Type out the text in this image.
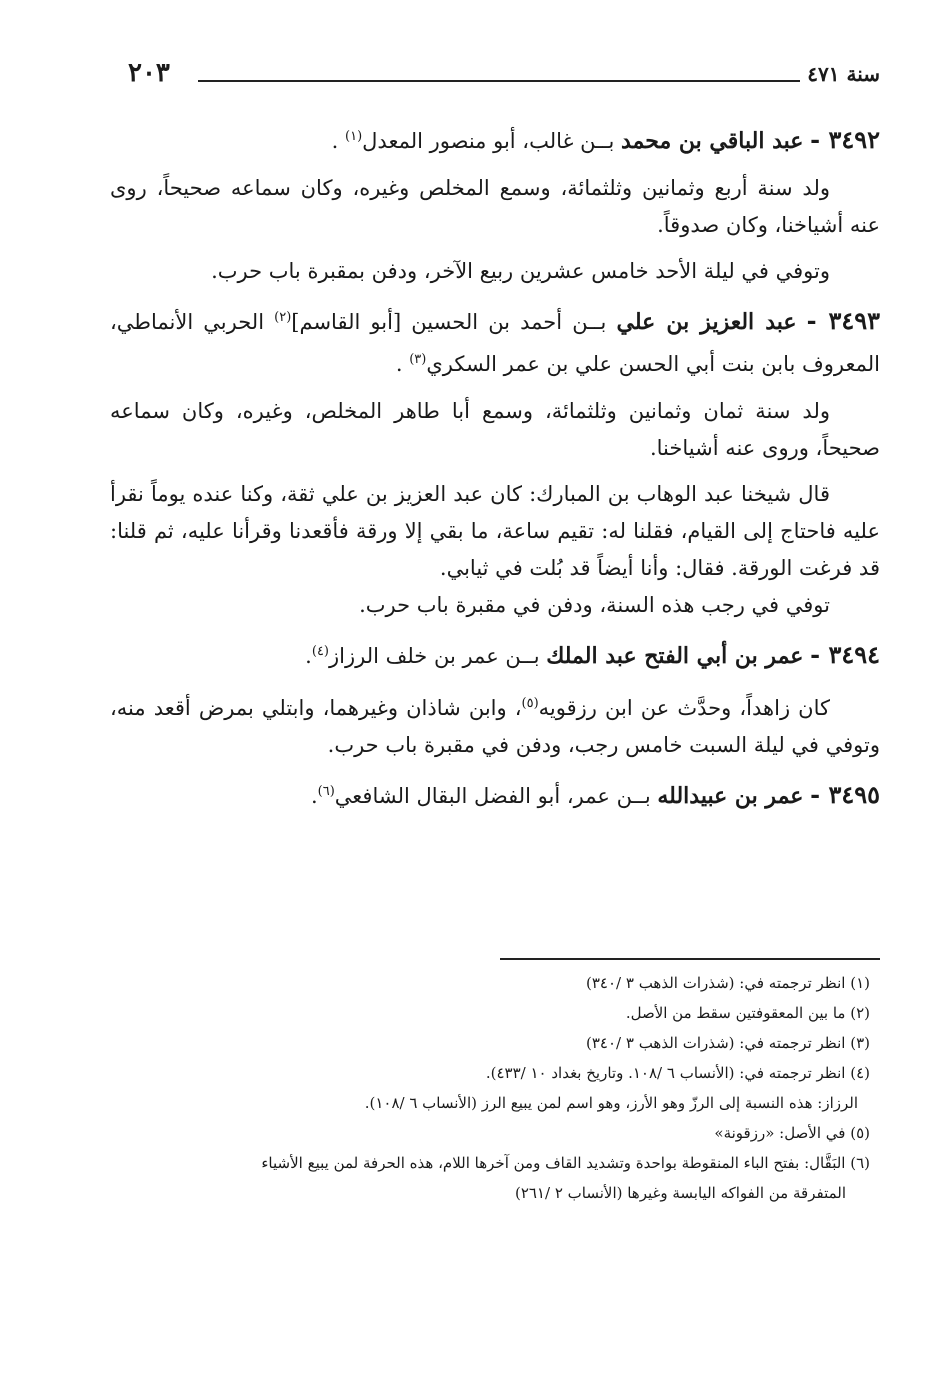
٢٠٣	سنة ٤٧١

٣٤٩٢ - عبد الباقي بن محمد بــن غالب، أبو منصور المعدل$^{(١)}$ .

ولد سنة أربع وثمانين وثلثمائة، وسمع المخلص وغيره، وكان سماعه صحيحاً، روى عنه أشياخنا، وكان صدوقاً.

وتوفي في ليلة الأحد خامس عشرين ربيع الآخر، ودفن بمقبرة باب حرب.

٣٤٩٣ - عبد العزيز بن علي بــن أحمد بن الحسين [أبو القاسم]$^{(٢)}$ الحربي الأنماطي، المعروف بابن بنت أبي الحسن علي بن عمر السكري$^{(٣)}$ .

ولد سنة ثمان وثمانين وثلثمائة، وسمع أبا طاهر المخلص، وغيره، وكان سماعه صحيحاً، وروى عنه أشياخنا.

قال شيخنا عبد الوهاب بن المبارك: كان عبد العزيز بن علي ثقة، وكنا عنده يوماً نقرأ عليه فاحتاج إلى القيام، فقلنا له: تقيم ساعة، ما بقي إلا ورقة فأقعدنا وقرأنا عليه، ثم قلنا: قد فرغت الورقة. فقال: وأنا أيضاً قد بُلت في ثيابي.

توفي في رجب هذه السنة، ودفن في مقبرة باب حرب.

٣٤٩٤ - عمر بن أبي الفتح عبد الملك بــن عمر بن خلف الرزاز$^{(٤)}$.

كان زاهداً، وحدَّث عن ابن رزقويه$^{(٥)}$، وابن شاذان وغيرهما، وابتلي بمرض أقعد منه، وتوفي في ليلة السبت خامس رجب، ودفن في مقبرة باب حرب.

٣٤٩٥ - عمر بن عبيدالله بــن عمر، أبو الفضل البقال الشافعي$^{(٦)}$.

(١) انظر ترجمته في: (شذرات الذهب ٣ /٣٤٠)
(٢) ما بين المعقوفتين سقط من الأصل.
(٣) انظر ترجمته في: (شذرات الذهب ٣ /٣٤٠)
(٤) انظر ترجمته في: (الأنساب ٦ /١٠٨. وتاريخ بغداد ١٠ /٤٣٣).
الرزاز: هذه النسبة إلى الرزّ وهو الأرز، وهو اسم لمن يبيع الرز (الأنساب ٦ /١٠٨).
(٥) في الأصل: «رزقونة»
(٦) البَقَّال: بفتح الباء المنقوطة بواحدة وتشديد القاف ومن آخرها اللام، هذه الحرفة لمن يبيع الأشياء
المتفرقة من الفواكه اليابسة وغيرها (الأنساب ٢ /٢٦١)
